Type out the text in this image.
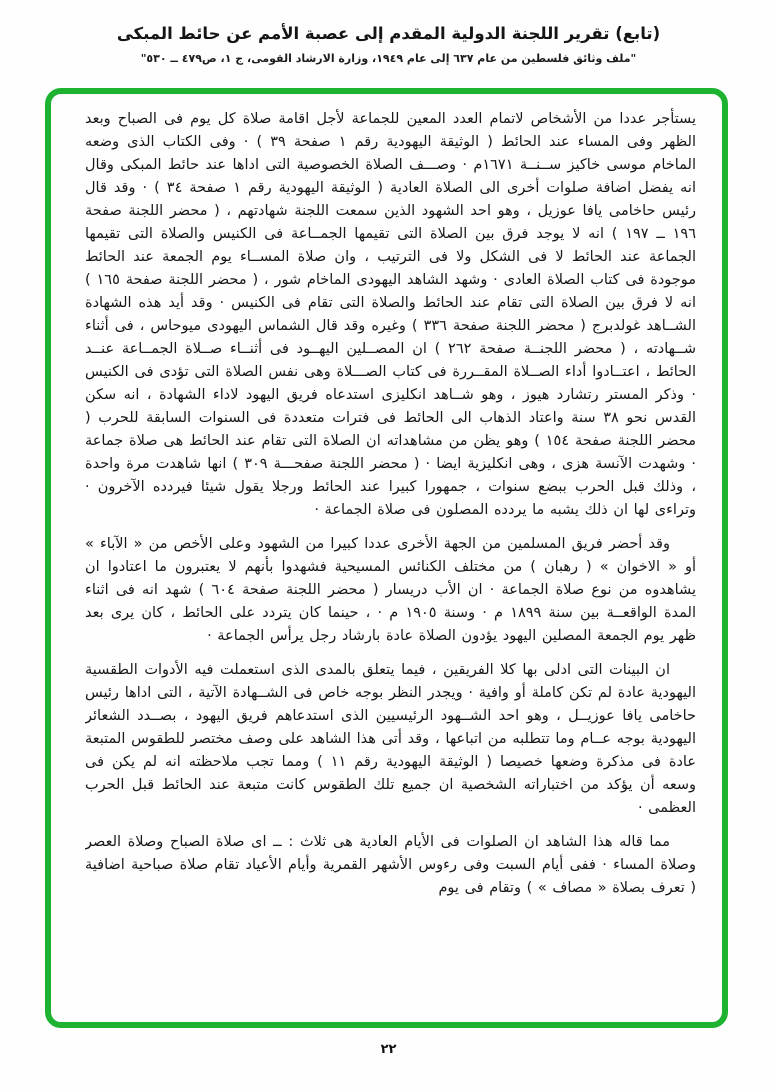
(تابع) تقرير اللجنة الدولية المقدم إلى عصبة الأمم عن حائط المبكى
"ملف وثائق فلسطين من عام ٦٣٧ إلى عام ١٩٤٩، وزارة الارشاد القومى، ج ١، ص٤٧٩ ــ ٥٣٠"

يستأجر عددا من الأشخاص لاتمام العدد المعين للجماعة لأجل اقامة صلاة كل يوم فى الصباح وبعد الظهر وفى المساء عند الحائط ( الوثيقة اليهودية رقم ١ صفحة ٣٩ ) · وفى الكتاب الذى وضعه الماخام موسى خاكيز ســنــة ١٦٧١م · وصـــف الصلاة الخصوصية التى اداها عند حائط المبكى وقال انه يفضل اضافة صلوات أخرى الى الصلاة العادية ( الوثيقة اليهودية رقم ١ صفحة ٣٤ ) · وقد قال رئيس حاخامى يافا عوزيل ، وهو احد الشهود الذين سمعت اللجنة شهادتهم ، ( محضر اللجنة صفحة ١٩٦ ــ ١٩٧ ) انه لا يوجد فرق بين الصلاة التى تقيمها الجمــاعة فى الكنيس والصلاة التى تقيمها الجماعة عند الحائط لا فى الشكل ولا فى الترتيب ، وان صلاة المســاء يوم الجمعة عند الحائط موجودة فى كتاب الصلاة العادى · وشهد الشاهد اليهودى الماخام شور ، ( محضر اللجنة صفحة ١٦٥ ) انه لا فرق بين الصلاة التى تقام عند الحائط والصلاة التى تقام فى الكنيس · وقد أيد هذه الشهادة الشــاهد غولدبرج ( محضر اللجنة صفحة ٣٣٦ ) وغيره وقد قال الشماس اليهودى ميوحاس ، فى أثناء شــهادته ، ( محضر اللجنــة صفحة ٢٦٢ ) ان المصــلين اليهــود فى أثنــاء صــلاة الجمــاعة عنــد الحائط ، اعتــادوا أداء الصــلاة المقــررة فى كتاب الصـــلاة وهى نفس الصلاة التى تؤدى فى الكنيس · وذكر المستر رتشارد هيوز ، وهو شــاهد انكليزى استدعاه فريق اليهود لاداء الشهادة ، انه سكن القدس نحو ٣٨ سنة واعتاد الذهاب الى الحائط فى فترات متعددة فى السنوات السابقة للحرب ( محضر اللجنة صفحة ١٥٤ ) وهو يظن من مشاهداته ان الصلاة التى تقام عند الحائط هى صلاة جماعة · وشهدت الآنسة هزى ، وهى انكليزية ايضا · ( محضر اللجنة صفحـــة ٣٠٩ ) انها شاهدت مرة واحدة ، وذلك قبل الحرب ببضع سنوات ، جمهورا كبيرا عند الحائط ورجلا يقول شيئا فيردده الآخرون · وتراءى لها ان ذلك يشبه ما يردده المصلون فى صلاة الجماعة ·

وقد أحضر فريق المسلمين من الجهة الأخرى عددا كبيرا من الشهود وعلى الأخص من « الآباء » أو « الاخوان » ( رهبان ) من مختلف الكنائس المسيحية فشهدوا بأنهم لا يعتبرون ما اعتادوا ان يشاهدوه من نوع صلاة الجماعة · ان الأب دريسار ( محضر اللجنة صفحة ٦٠٤ ) شهد انه فى اثناء المدة الواقعــة بين سنة ١٨٩٩ م · وسنة ١٩٠٥ م · ، حينما كان يتردد على الحائط ، كان يرى بعد ظهر يوم الجمعة المصلين اليهود يؤدون الصلاة عادة بارشاد رجل يرأس الجماعة ·

ان البينات التى ادلى بها كلا الفريقين ، فيما يتعلق بالمدى الذى استعملت فيه الأدوات الطقسية اليهودية عادة لم تكن كاملة أو وافية · ويجدر النظر بوجه خاص فى الشــهادة الآتية ، التى اداها رئيس حاخامى يافا عوزيــل ، وهو احد الشــهود الرئيسيين الذى استدعاهم فريق اليهود ، بصــدد الشعائر اليهودية بوجه عــام وما تتطلبه من اتباعها ، وقد أتى هذا الشاهد على وصف مختصر للطقوس المتبعة عادة فى مذكرة وضعها خصيصا ( الوثيقة اليهودية رقم ١١ ) ومما تجب ملاحظته انه لم يكن فى وسعه أن يؤكد من اختباراته الشخصية ان جميع تلك الطقوس كانت متبعة عند الحائط قبل الحرب العظمى ·

مما قاله هذا الشاهد ان الصلوات فى الأيام العادية هى ثلاث : ــ اى صلاة الصباح وصلاة العصر وصلاة المساء · ففى أيام السبت وفى رءوس الأشهر القمرية وأيام الأعياد تقام صلاة صباحية اضافية ( تعرف بصلاة « مصاف » ) وتقام فى يوم

٢٢
